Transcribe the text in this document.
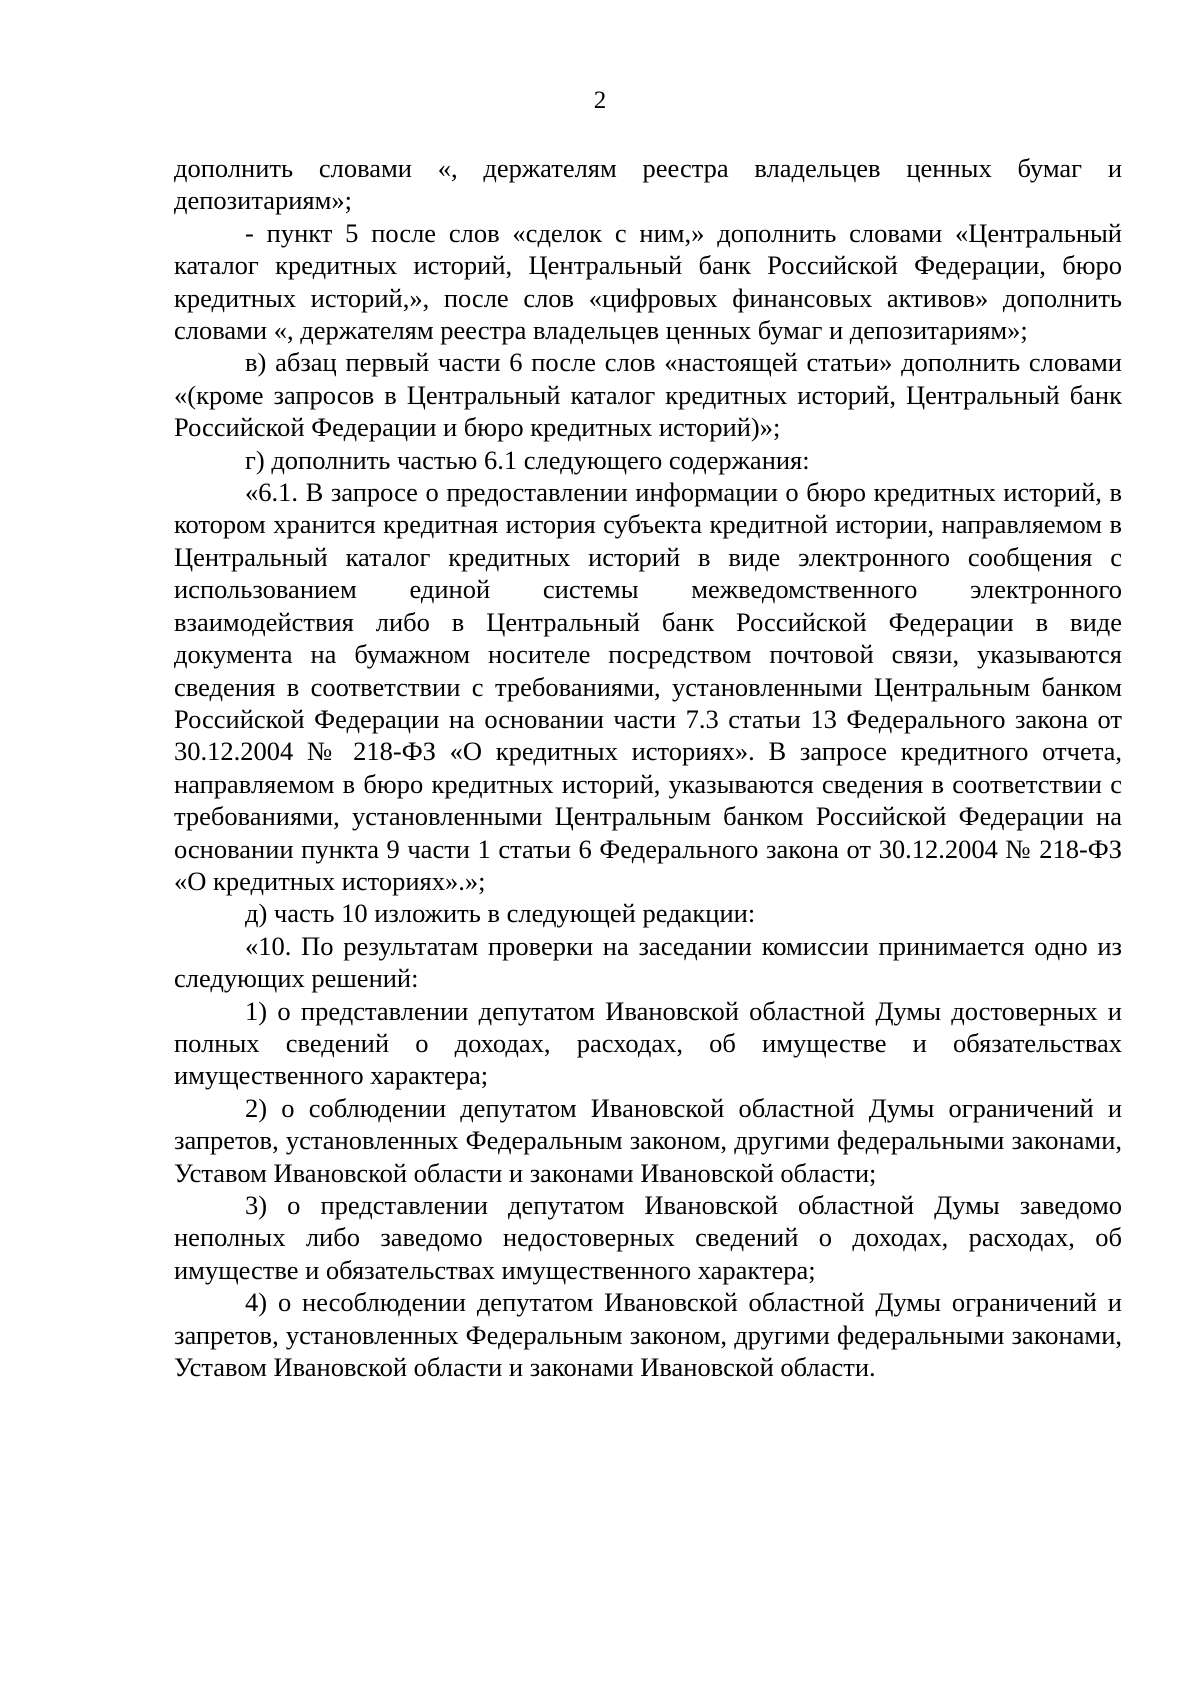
2

дополнить словами «, держателям реестра владельцев ценных бумаг и депозитариям»;

- пункт 5 после слов «сделок с ним,» дополнить словами «Центральный каталог кредитных историй, Центральный банк Российской Федерации, бюро кредитных историй,», после слов «цифровых финансовых активов» дополнить словами «, держателям реестра владельцев ценных бумаг и депозитариям»;

в) абзац первый части 6 после слов «настоящей статьи» дополнить словами «(кроме запросов в Центральный каталог кредитных историй, Центральный банк Российской Федерации и бюро кредитных историй)»;

г) дополнить частью 6.1 следующего содержания:

«6.1. В запросе о предоставлении информации о бюро кредитных историй, в котором хранится кредитная история субъекта кредитной истории, направляемом в Центральный каталог кредитных историй в виде электронного сообщения с использованием единой системы межведомственного электронного взаимодействия либо в Центральный банк Российской Федерации в виде документа на бумажном носителе посредством почтовой связи, указываются сведения в соответствии с требованиями, установленными Центральным банком Российской Федерации на основании части 7.3 статьи 13 Федерального закона от 30.12.2004 № 218-ФЗ «О кредитных историях». В запросе кредитного отчета, направляемом в бюро кредитных историй, указываются сведения в соответствии с требованиями, установленными Центральным банком Российской Федерации на основании пункта 9 части 1 статьи 6 Федерального закона от 30.12.2004 № 218-ФЗ «О кредитных историях».»;

д) часть 10 изложить в следующей редакции:

«10. По результатам проверки на заседании комиссии принимается одно из следующих решений:

1) о представлении депутатом Ивановской областной Думы достоверных и полных сведений о доходах, расходах, об имуществе и обязательствах имущественного характера;

2) о соблюдении депутатом Ивановской областной Думы ограничений и запретов, установленных Федеральным законом, другими федеральными законами, Уставом Ивановской области и законами Ивановской области;

3) о представлении депутатом Ивановской областной Думы заведомо неполных либо заведомо недостоверных сведений о доходах, расходах, об имуществе и обязательствах имущественного характера;

4) о несоблюдении депутатом Ивановской областной Думы ограничений и запретов, установленных Федеральным законом, другими федеральными законами, Уставом Ивановской области и законами Ивановской области.
